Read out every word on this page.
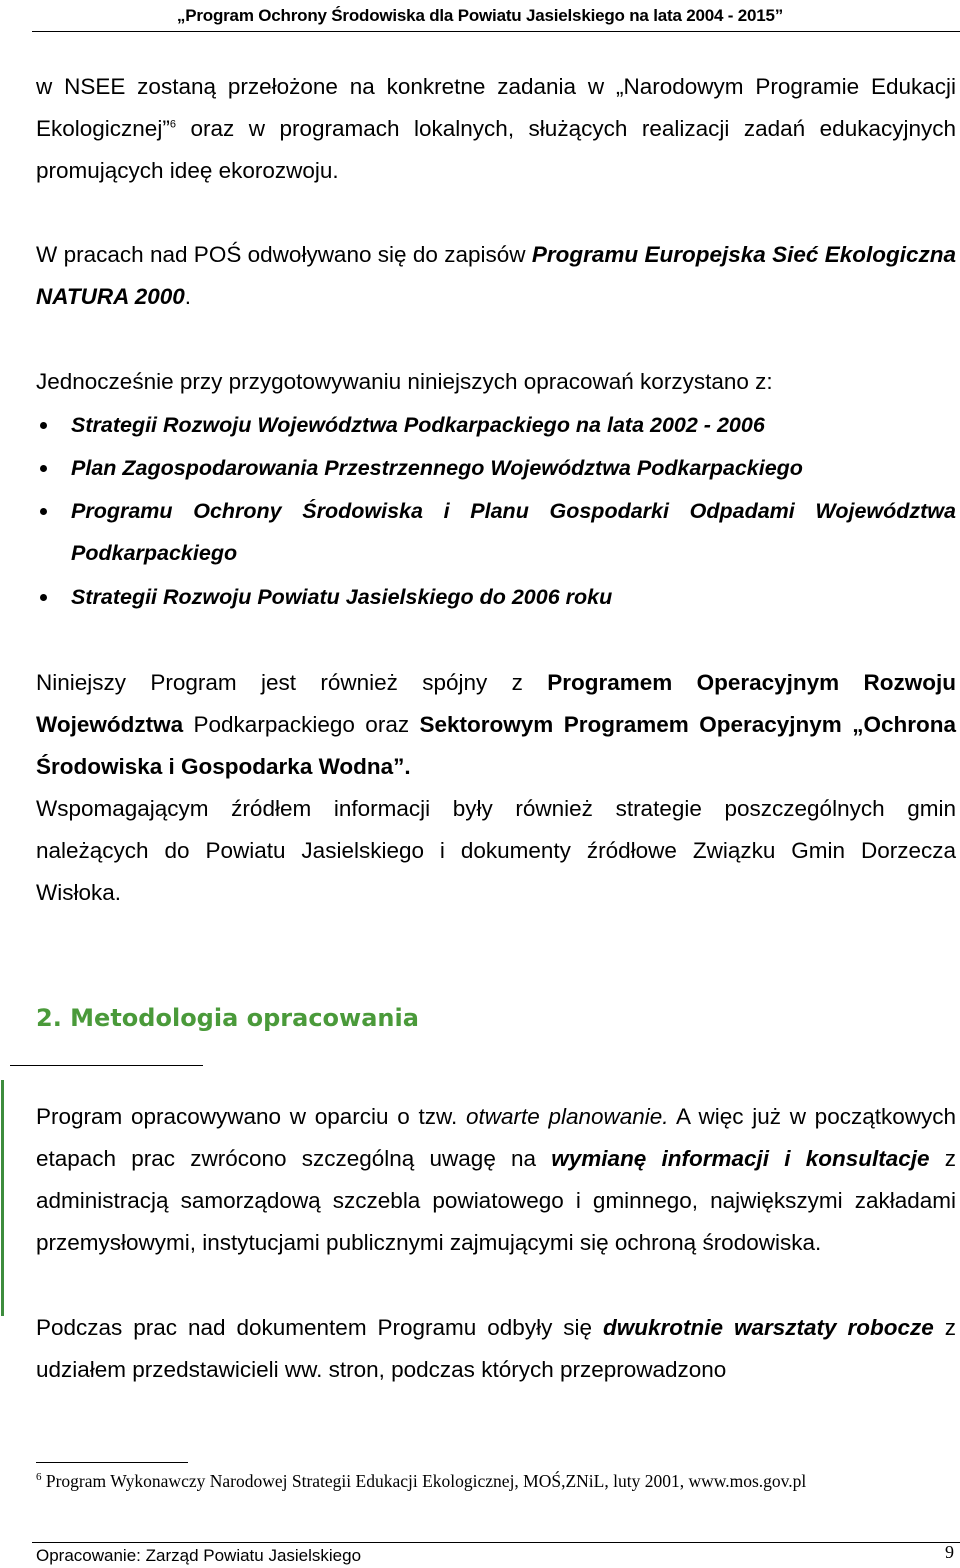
„Program Ochrony Środowiska dla Powiatu Jasielskiego na lata 2004 - 2015”
w NSEE zostaną przełożone na konkretne zadania w „Narodowym Programie Edukacji Ekologicznej”$^6$ oraz w programach lokalnych, służących realizacji zadań edukacyjnych promujących ideę ekorozwoju.
W pracach nad POŚ odwoływano się do zapisów Programu Europejska Sieć Ekologiczna NATURA 2000.
Jednocześnie przy przygotowywaniu niniejszych opracowań korzystano z:
Strategii Rozwoju Województwa Podkarpackiego na lata 2002 - 2006
Plan Zagospodarowania Przestrzennego Województwa Podkarpackiego
Programu Ochrony Środowiska i Planu Gospodarki Odpadami Województwa Podkarpackiego
Strategii Rozwoju Powiatu Jasielskiego do 2006 roku
Niniejszy Program jest również spójny z Programem Operacyjnym Rozwoju Województwa Podkarpackiego oraz Sektorowym Programem Operacyjnym „Ochrona Środowiska i Gospodarka Wodna”.
Wspomagającym źródłem informacji były również strategie poszczególnych gmin należących do Powiatu Jasielskiego i dokumenty źródłowe Związku Gmin Dorzecza Wisłoka.
2. Metodologia opracowania
Program opracowywano w oparciu o tzw. otwarte planowanie. A więc już w początkowych etapach prac zwrócono szczególną uwagę na wymianę informacji i konsultacje z administracją samorządową szczebla powiatowego i gminnego, największymi zakładami przemysłowymi, instytucjami publicznymi zajmującymi się ochroną środowiska.
Podczas prac nad dokumentem Programu odbyły się dwukrotnie warsztaty robocze z udziałem przedstawicieli ww. stron, podczas których przeprowadzono
$^6$ Program Wykonawczy Narodowej Strategii Edukacji Ekologicznej, MOŚ,ZNiL, luty 2001, www.mos.gov.pl
Opracowanie: Zarząd Powiatu Jasielskiego	9
